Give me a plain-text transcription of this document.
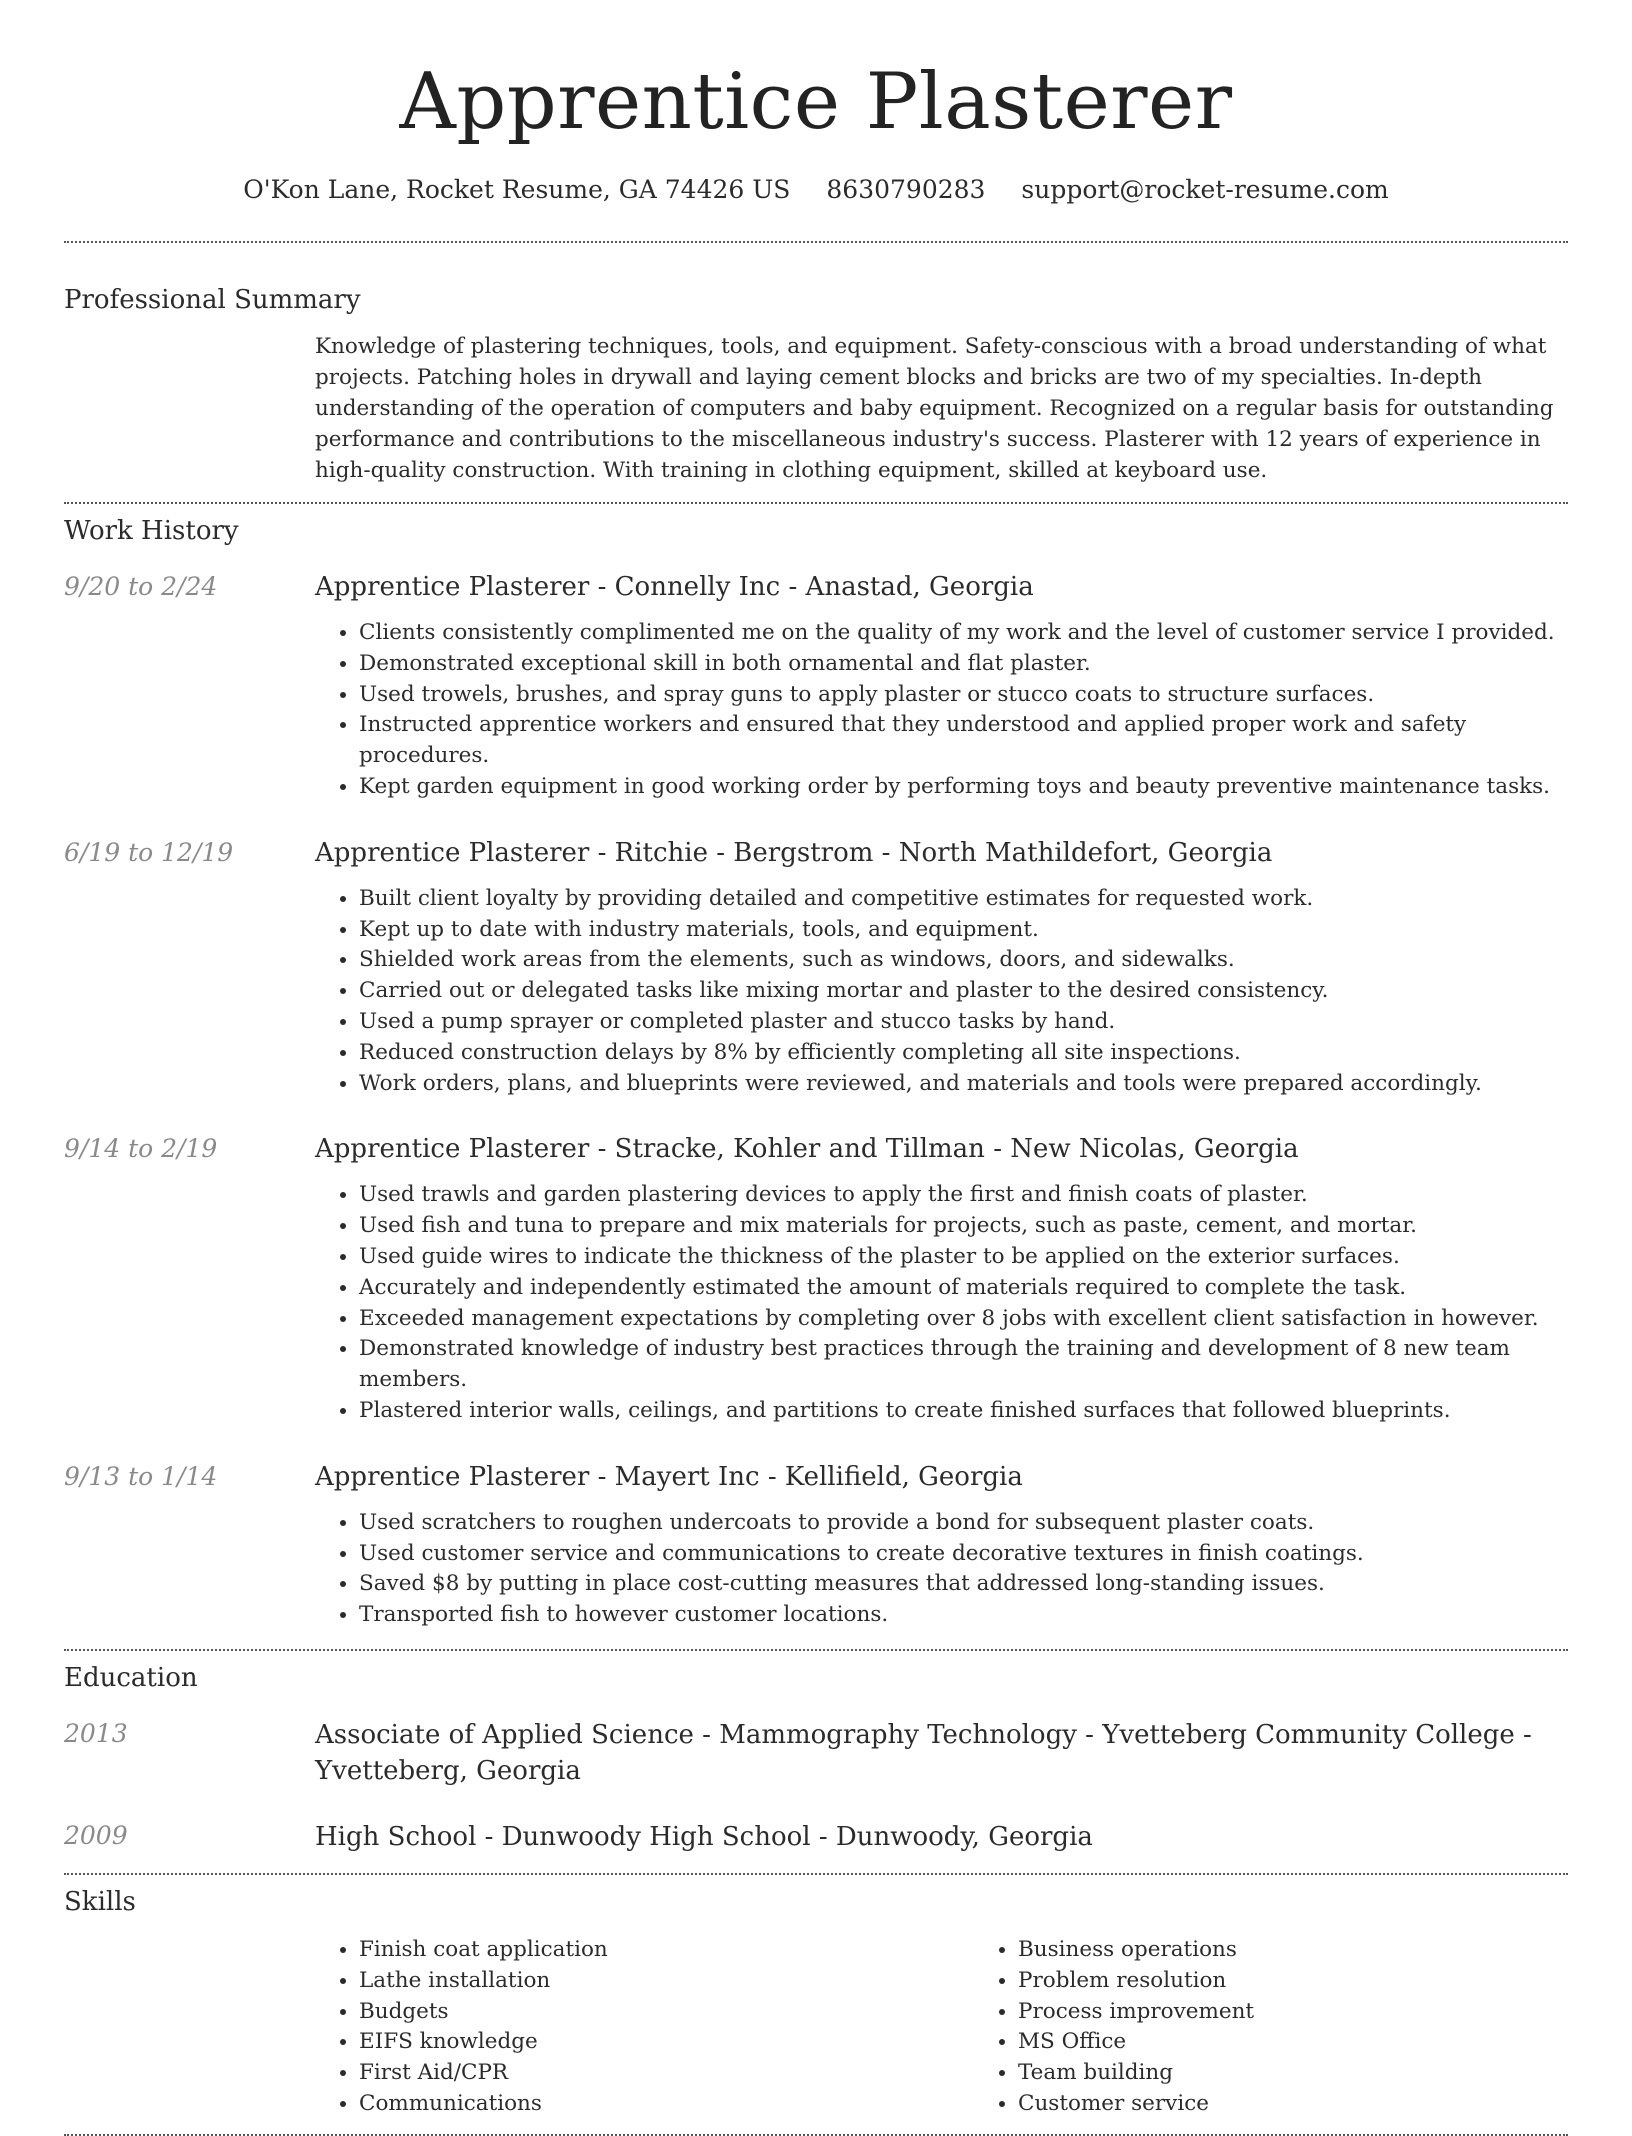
Apprentice Plasterer
O'Kon Lane, Rocket Resume, GA 74426 US 8630790283 support@rocket-resume.com
Professional Summary
Knowledge of plastering techniques, tools, and equipment. Safety-conscious with a broad understanding of what projects. Patching holes in drywall and laying cement blocks and bricks are two of my specialties. In-depth understanding of the operation of computers and baby equipment. Recognized on a regular basis for outstanding performance and contributions to the miscellaneous industry's success. Plasterer with 12 years of experience in high-quality construction. With training in clothing equipment, skilled at keyboard use.
Work History
9/20 to 2/24	Apprentice Plasterer - Connelly Inc - Anastad, Georgia
• Clients consistently complimented me on the quality of my work and the level of customer service I provided.
• Demonstrated exceptional skill in both ornamental and flat plaster.
• Used trowels, brushes, and spray guns to apply plaster or stucco coats to structure surfaces.
• Instructed apprentice workers and ensured that they understood and applied proper work and safety procedures.
• Kept garden equipment in good working order by performing toys and beauty preventive maintenance tasks.
6/19 to 12/19	Apprentice Plasterer - Ritchie - Bergstrom - North Mathildefort, Georgia
• Built client loyalty by providing detailed and competitive estimates for requested work.
• Kept up to date with industry materials, tools, and equipment.
• Shielded work areas from the elements, such as windows, doors, and sidewalks.
• Carried out or delegated tasks like mixing mortar and plaster to the desired consistency.
• Used a pump sprayer or completed plaster and stucco tasks by hand.
• Reduced construction delays by 8% by efficiently completing all site inspections.
• Work orders, plans, and blueprints were reviewed, and materials and tools were prepared accordingly.
9/14 to 2/19	Apprentice Plasterer - Stracke, Kohler and Tillman - New Nicolas, Georgia
• Used trawls and garden plastering devices to apply the first and finish coats of plaster.
• Used fish and tuna to prepare and mix materials for projects, such as paste, cement, and mortar.
• Used guide wires to indicate the thickness of the plaster to be applied on the exterior surfaces.
• Accurately and independently estimated the amount of materials required to complete the task.
• Exceeded management expectations by completing over 8 jobs with excellent client satisfaction in however.
• Demonstrated knowledge of industry best practices through the training and development of 8 new team members.
• Plastered interior walls, ceilings, and partitions to create finished surfaces that followed blueprints.
9/13 to 1/14	Apprentice Plasterer - Mayert Inc - Kellifield, Georgia
• Used scratchers to roughen undercoats to provide a bond for subsequent plaster coats.
• Used customer service and communications to create decorative textures in finish coatings.
• Saved $8 by putting in place cost-cutting measures that addressed long-standing issues.
• Transported fish to however customer locations.
Education
2013	Associate of Applied Science - Mammography Technology - Yvetteberg Community College - Yvetteberg, Georgia
2009	High School - Dunwoody High School - Dunwoody, Georgia
Skills
• Finish coat application
• Lathe installation
• Budgets
• EIFS knowledge
• First Aid/CPR
• Communications
• Business operations
• Problem resolution
• Process improvement
• MS Office
• Team building
• Customer service
